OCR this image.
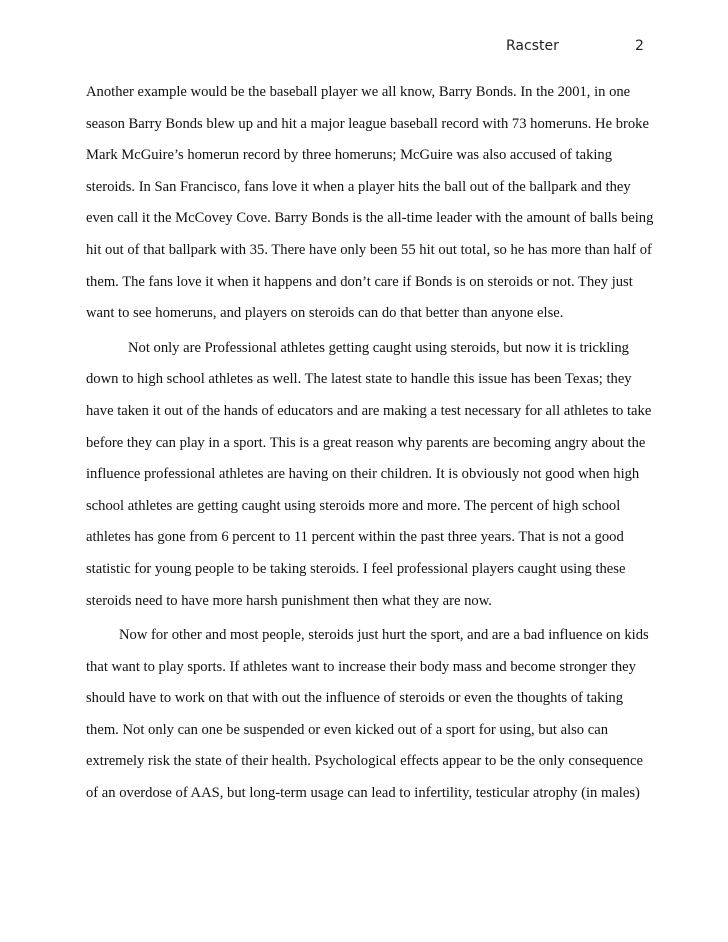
Racster	2
Another example would be the baseball player we all know, Barry Bonds. In the 2001, in one
season Barry Bonds blew up and hit a major league baseball record with 73 homeruns. He broke
Mark McGuire’s homerun record by three homeruns; McGuire was also accused of taking
steroids. In San Francisco, fans love it when a player hits the ball out of the ballpark and they
even call it the McCovey Cove. Barry Bonds is the all-time leader with the amount of balls being
hit out of that ballpark with 35. There have only been 55 hit out total, so he has more than half of
them. The fans love it when it happens and don’t care if Bonds is on steroids or not. They just
want to see homeruns, and players on steroids can do that better than anyone else.
Not only are Professional athletes getting caught using steroids, but now it is trickling
down to high school athletes as well. The latest state to handle this issue has been Texas; they
have taken it out of the hands of educators and are making a test necessary for all athletes to take
before they can play in a sport. This is a great reason why parents are becoming angry about the
influence professional athletes are having on their children. It is obviously not good when high
school athletes are getting caught using steroids more and more. The percent of high school
athletes has gone from 6 percent to 11 percent within the past three years. That is not a good
statistic for young people to be taking steroids. I feel professional players caught using these
steroids need to have more harsh punishment then what they are now.
Now for other and most people, steroids just hurt the sport, and are a bad influence on kids
that want to play sports. If athletes want to increase their body mass and become stronger they
should have to work on that with out the influence of steroids or even the thoughts of taking
them. Not only can one be suspended or even kicked out of a sport for using, but also can
extremely risk the state of their health. Psychological effects appear to be the only consequence
of an overdose of AAS, but long-term usage can lead to infertility, testicular atrophy (in males)
